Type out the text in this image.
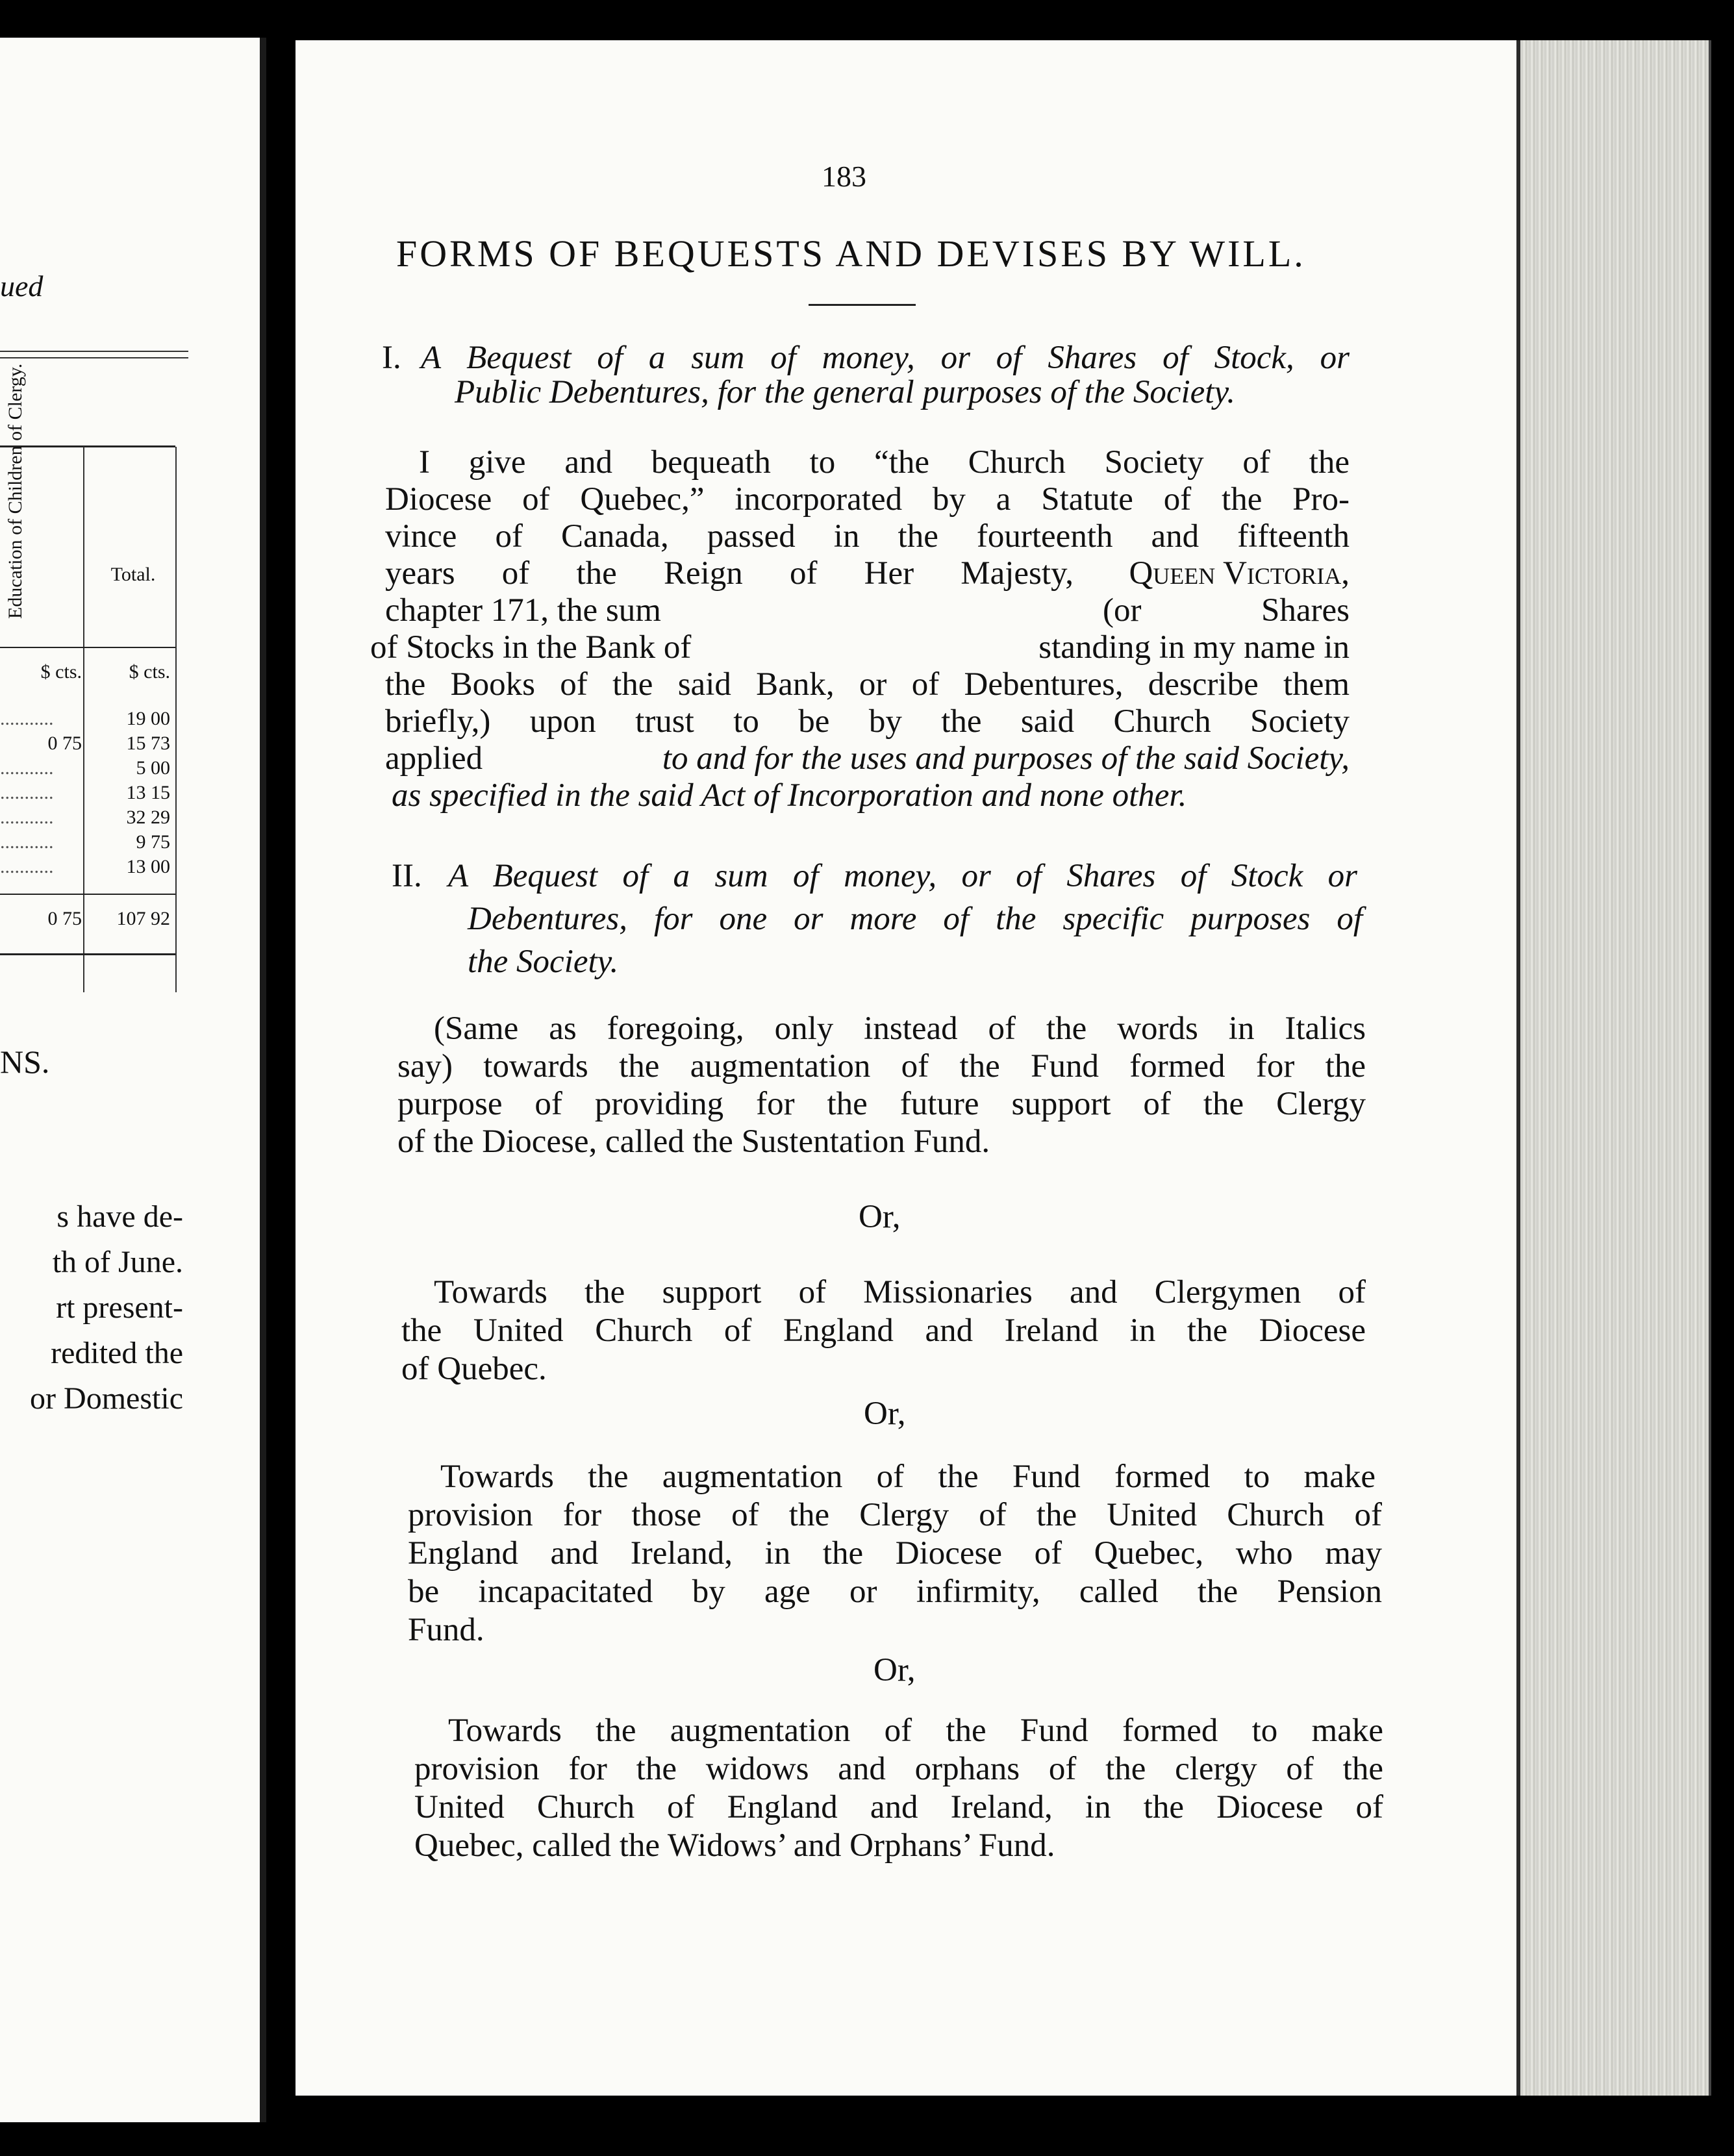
ued
Education of Children of Clergy.	Total.
$ cts.	$ cts.
...........	19 00
0 75	15 73
...........	5 00
...........	13 15
...........	32 29
...........	9 75
...........	13 00
0 75	107 92
NS.
s have de-
th of June.
rt present-
redited the
or Domestic
183
FORMS OF BEQUESTS AND DEVISES BY WILL.
I. A Bequest of a sum of money, or of Shares of Stock, or
Public Debentures, for the general purposes of the Society.
I give and bequeath to “the Church Society of the
Diocese of Quebec,” incorporated by a Statute of the Pro-
vince of Canada, passed in the fourteenth and fifteenth
years of the Reign of Her Majesty, Queen Victoria,
chapter 171, the sum	(or	Shares
of Stocks in the Bank of	standing in my name in
the Books of the said Bank, or of Debentures, describe them
briefly,) upon trust to be by the said Church Society
applied	to and for the uses and purposes of the said Society,
as specified in the said Act of Incorporation and none other.
II. A Bequest of a sum of money, or of Shares of Stock or
Debentures, for one or more of the specific purposes of
the Society.
(Same as foregoing, only instead of the words in Italics
say) towards the augmentation of the Fund formed for the
purpose of providing for the future support of the Clergy
of the Diocese, called the Sustentation Fund.
Or,
Towards the support of Missionaries and Clergymen of
the United Church of England and Ireland in the Diocese
of Quebec.
Or,
Towards the augmentation of the Fund formed to make
provision for those of the Clergy of the United Church of
England and Ireland, in the Diocese of Quebec, who may
be incapacitated by age or infirmity, called the Pension
Fund.
Or,
Towards the augmentation of the Fund formed to make
provision for the widows and orphans of the clergy of the
United Church of England and Ireland, in the Diocese of
Quebec, called the Widows’ and Orphans’ Fund.
